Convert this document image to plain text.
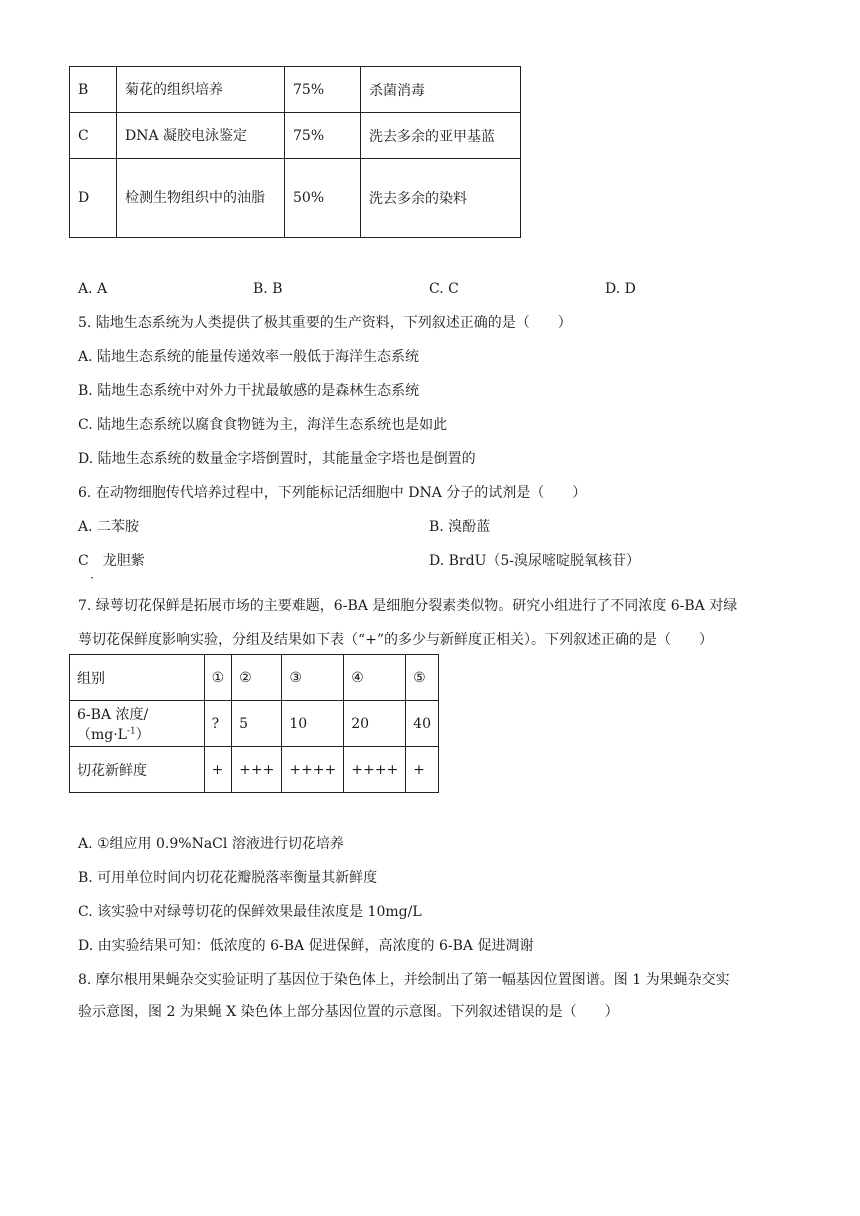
B	菊花的组织培养	75%	杀菌消毒
C	DNA 凝胶电泳鉴定	75%	洗去多余的亚甲基蓝
D	检测生物组织中的油脂	50%	洗去多余的染料
A. A	B. B	C. C	D. D
5. 陆地生态系统为人类提供了极其重要的生产资料，下列叙述正确的是（　　）
A. 陆地生态系统的能量传递效率一般低于海洋生态系统
B. 陆地生态系统中对外力干扰最敏感的是森林生态系统
C. 陆地生态系统以腐食食物链为主，海洋生态系统也是如此
D. 陆地生态系统的数量金字塔倒置时，其能量金字塔也是倒置的
6. 在动物细胞传代培养过程中，下列能标记活细胞中 DNA 分子的试剂是（　　）
A. 二苯胺	B. 溴酚蓝
C　龙胆紫
·
D. BrdU（5-溴尿嘧啶脱氧核苷）
7. 绿萼切花保鲜是拓展市场的主要难题，6-BA 是细胞分裂素类似物。研究小组进行了不同浓度 6-BA 对绿
萼切花保鲜度影响实验，分组及结果如下表（“+”的多少与新鲜度正相关）。下列叙述正确的是（　　）
组别	①	②	③	④	⑤
6-BA 浓度$/(mg\cdot L^{-1})$	?	5	10	20	40
切花新鲜度	+	+++	++++	++++	+
A. ①组应用 0.9%NaCl 溶液进行切花培养
B. 可用单位时间内切花花瓣脱落率衡量其新鲜度
C. 该实验中对绿萼切花的保鲜效果最佳浓度是 10mg/L
D. 由实验结果可知：低浓度的 6-BA 促进保鲜，高浓度的 6-BA 促进凋谢
8. 摩尔根用果蝇杂交实验证明了基因位于染色体上，并绘制出了第一幅基因位置图谱。图 1 为果蝇杂交实
验示意图，图 2 为果蝇 X 染色体上部分基因位置的示意图。下列叙述错误的是（　　）
